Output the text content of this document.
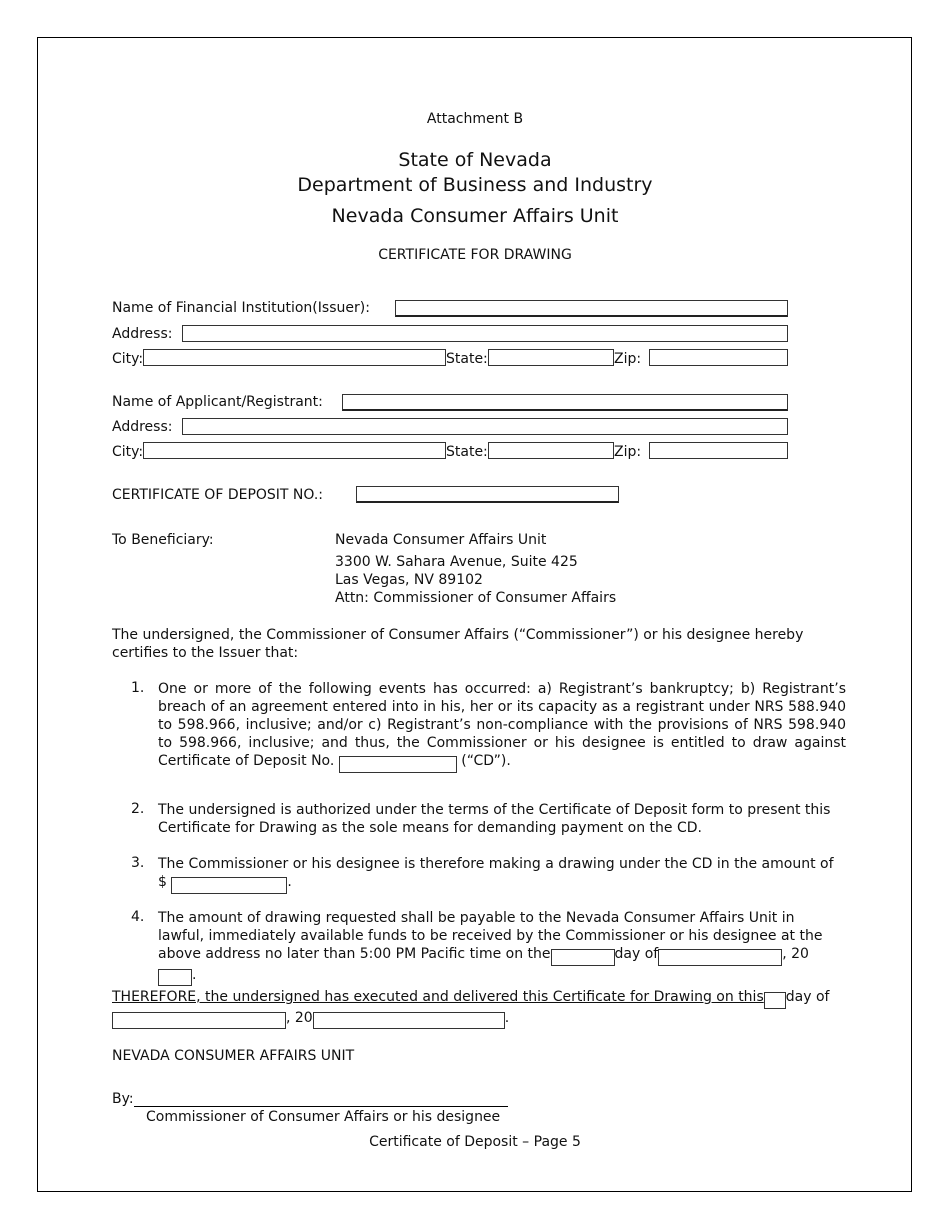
Attachment B
State of Nevada
Department of Business and Industry
Nevada Consumer Affairs Unit
CERTIFICATE FOR DRAWING
Name of Financial Institution(Issuer):
Address:
City:	State:	Zip:
Name of Applicant/Registrant:
Address:
City:	State:	Zip:
CERTIFICATE OF DEPOSIT NO.:
To Beneficiary:	Nevada Consumer Affairs Unit
3300 W. Sahara Avenue, Suite 425
Las Vegas, NV 89102
Attn: Commissioner of Consumer Affairs
The undersigned, the Commissioner of Consumer Affairs (“Commissioner”) or his designee hereby certifies to the Issuer that:
1. One or more of the following events has occurred: a) Registrant’s bankruptcy; b) Registrant’s breach of an agreement entered into in his, her or its capacity as a registrant under NRS 588.940 to 598.966, inclusive; and/or c) Registrant’s non-compliance with the provisions of NRS 598.940 to 598.966, inclusive; and thus, the Commissioner or his designee is entitled to draw against Certificate of Deposit No.	(“CD”).
2. The undersigned is authorized under the terms of the Certificate of Deposit form to present this Certificate for Drawing as the sole means for demanding payment on the CD.
3. The Commissioner or his designee is therefore making a drawing under the CD in the amount of
$	.
4. The amount of drawing requested shall be payable to the Nevada Consumer Affairs Unit in lawful, immediately available funds to be received by the Commissioner or his designee at the above address no later than 5:00 PM Pacific time on the	day of	, 20.
THEREFORE, the undersigned has executed and delivered this Certificate for Drawing on this day of
, 20	.
NEVADA CONSUMER AFFAIRS UNIT
By:
Commissioner of Consumer Affairs or his designee
Certificate of Deposit – Page 5
